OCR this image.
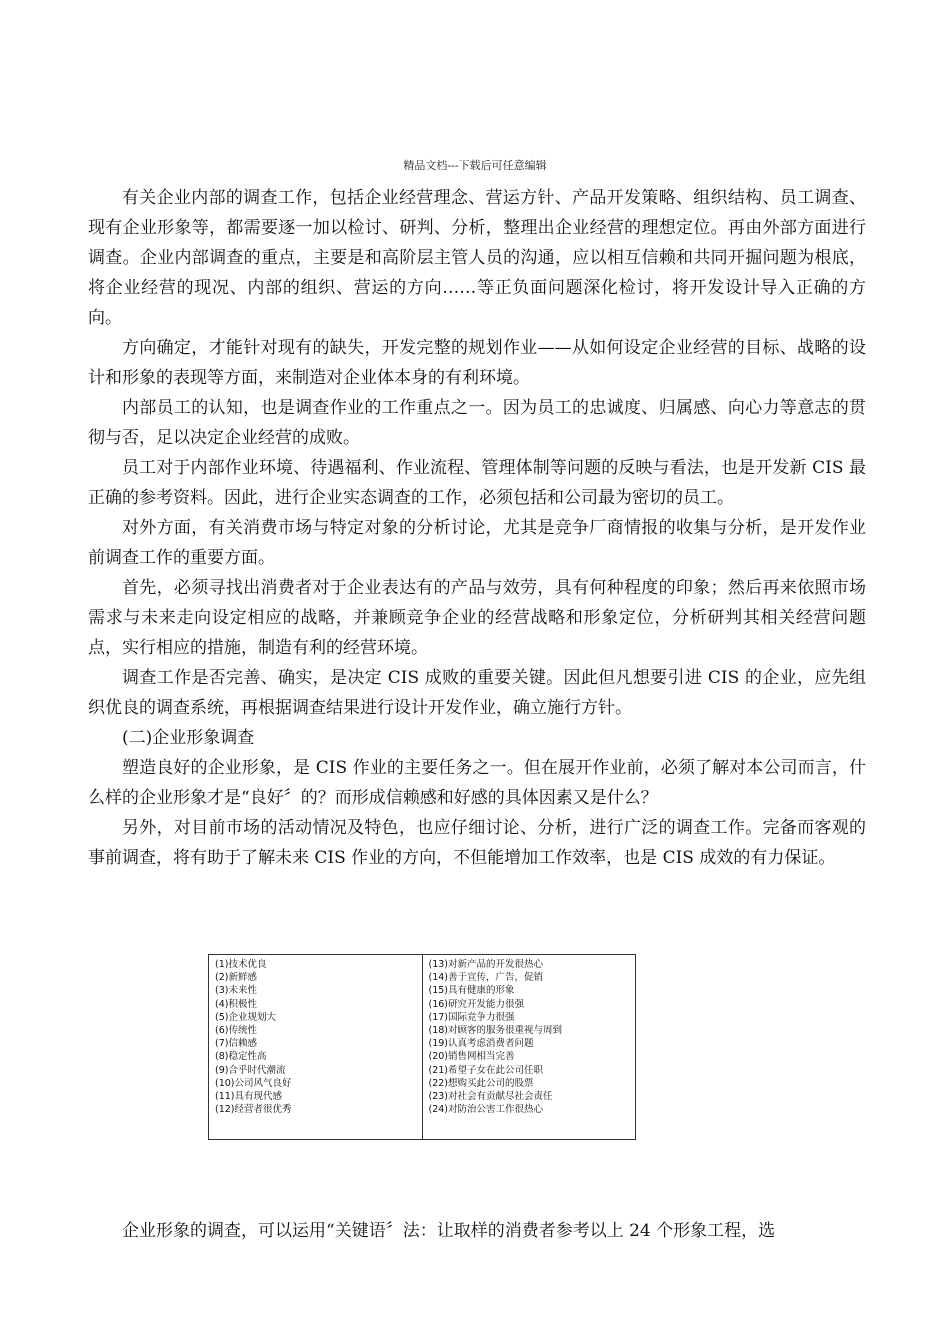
精品文档---下载后可任意编辑

有关企业内部的调查工作，包括企业经营理念、营运方针、产品开发策略、组织结构、员工调查、现有企业形象等，都需要逐一加以检讨、研判、分析，整理出企业经营的理想定位。再由外部方面进行调查。企业内部调查的重点，主要是和高阶层主管人员的沟通，应以相互信赖和共同开掘问题为根底，将企业经营的现况、内部的组织、营运的方向……等正负面问题深化检讨，将开发设计导入正确的方向。

方向确定，才能针对现有的缺失，开发完整的规划作业——从如何设定企业经营的目标、战略的设计和形象的表现等方面，来制造对企业体本身的有利环境。

内部员工的认知，也是调查作业的工作重点之一。因为员工的忠诚度、归属感、向心力等意志的贯彻与否，足以决定企业经营的成败。

员工对于内部作业环境、待遇福利、作业流程、管理体制等问题的反映与看法，也是开发新 CIS 最正确的参考资料。因此，进行企业实态调查的工作，必须包括和公司最为密切的员工。

对外方面，有关消费市场与特定对象的分析讨论，尤其是竞争厂商情报的收集与分析，是开发作业前调查工作的重要方面。

首先，必须寻找出消费者对于企业表达有的产品与效劳，具有何种程度的印象；然后再来依照市场需求与未来走向设定相应的战略，并兼顾竞争企业的经营战略和形象定位，分析研判其相关经营问题点，实行相应的措施，制造有利的经营环境。

调查工作是否完善、确实，是决定 CIS 成败的重要关键。因此但凡想要引进 CIS 的企业，应先组织优良的调查系统，再根据调查结果进行设计开发作业，确立施行方针。

(二)企业形象调查

塑造良好的企业形象，是 CIS 作业的主要任务之一。但在展开作业前，必须了解对本公司而言，什么样的企业形象才是“良好〞的？而形成信赖感和好感的具体因素又是什么？

另外，对目前市场的活动情况及特色，也应仔细讨论、分析，进行广泛的调查工作。完备而客观的事前调查，将有助于了解未来 CIS 作业的方向，不但能增加工作效率，也是 CIS 成效的有力保证。

(1)技术优良
(2)新鲜感
(3)未来性
(4)积极性
(5)企业规划大
(6)传统性
(7)信赖感
(8)稳定性高
(9)合乎时代潮流
(10)公司风气良好
(11)具有现代感
(12)经营者很优秀
(13)对新产品的开发很热心
(14)善于宣传，广告，促销
(15)具有健康的形象
(16)研究开发能力很强
(17)国际竞争力很强
(18)对顾客的服务很重视与周到
(19)认真考虑消费者问题
(20)销售网相当完善
(21)希望子女在此公司任职
(22)想购买此公司的股票
(23)对社会有贡献尽社会责任
(24)对防治公害工作很热心

企业形象的调查，可以运用“关键语〞法：让取样的消费者参考以上 24 个形象工程，选
